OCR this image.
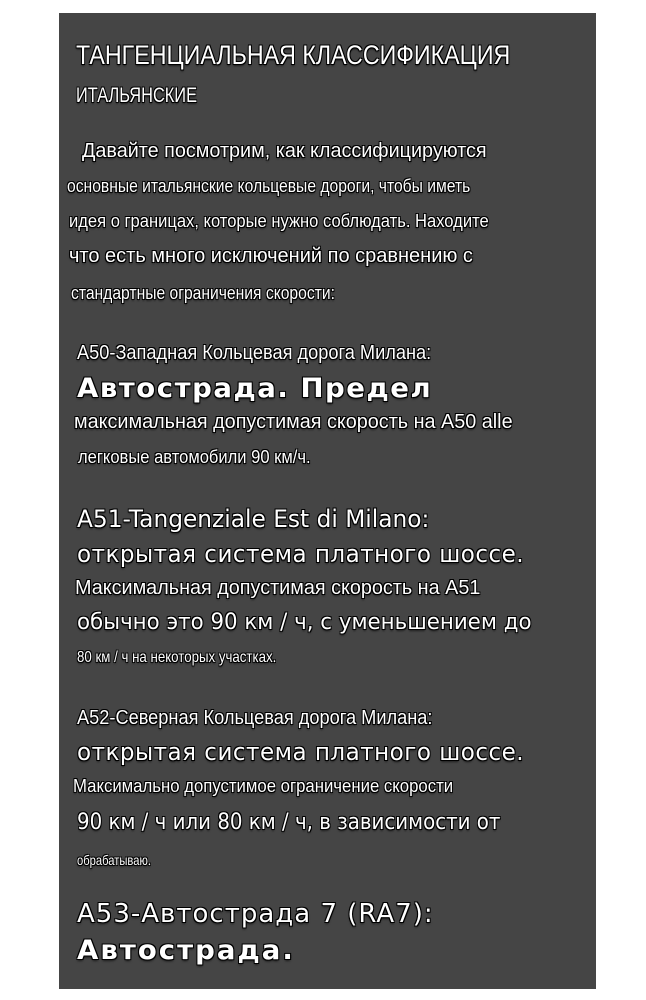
ТАНГЕНЦИАЛЬНАЯ КЛАССИФИКАЦИЯ
ИТАЛЬЯНСКИЕ
Давайте посмотрим, как классифицируются
основные итальянские кольцевые дороги, чтобы иметь
идея о границах, которые нужно соблюдать. Находите
что есть много исключений по сравнению с
стандартные ограничения скорости:
А50-Западная Кольцевая дорога Милана:
Автострада. Предел
максимальная допустимая скорость на A50 alle
легковые автомобили 90 км/ч.
A51-Tangenziale Est di Milano:
открытая система платного шоссе.
Максимальная допустимая скорость на A51
обычно это 90 км / ч, с уменьшением до
80 км / ч на некоторых участках.
А52-Северная Кольцевая дорога Милана:
открытая система платного шоссе.
Максимально допустимое ограничение скорости
90 км / ч или 80 км / ч, в зависимости от
обрабатываю.
А53-Автострада 7 (RA7):
Автострада.
